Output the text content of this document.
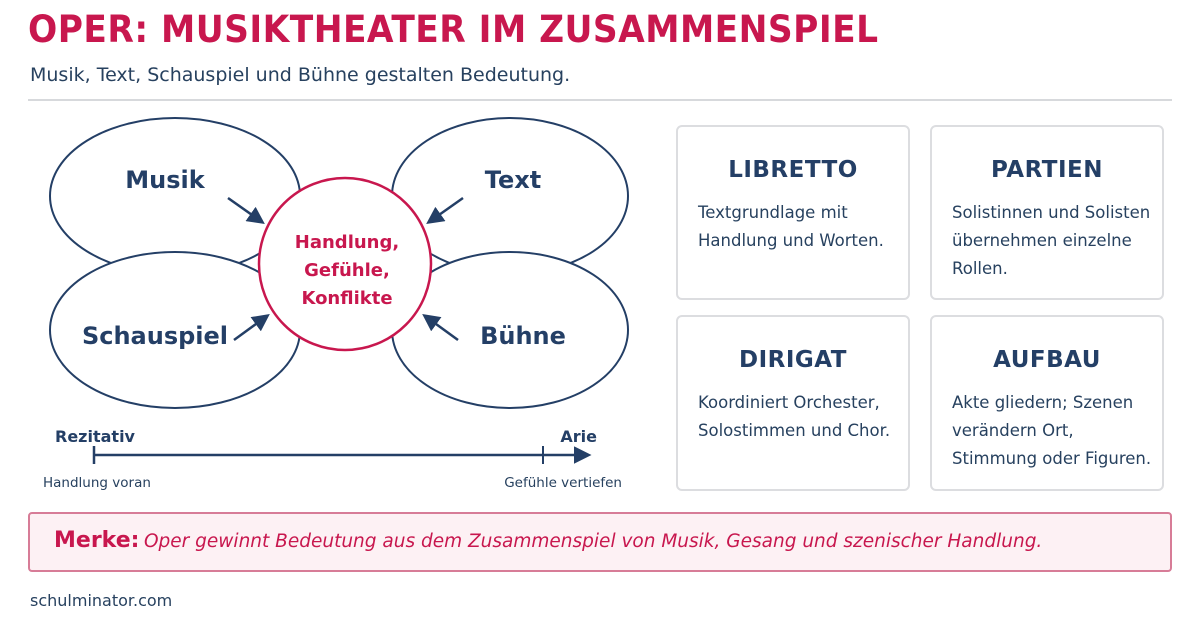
OPER: MUSIKTHEATER IM ZUSAMMENSPIEL
Musik, Text, Schauspiel und Bühne gestalten Bedeutung.
Musik	Text
Schauspiel	Bühne
Handlung,
Gefühle,
Konflikte
Rezitativ	Arie
Handlung voran	Gefühle vertiefen
LIBRETTO

Textgrundlage mit Handlung und Worten.

PARTIEN

Solistinnen und Solisten übernehmen einzelne Rollen.

DIRIGAT

Koordiniert Orchester, Solostimmen und Chor.

AUFBAU

Akte gliedern; Szenen verändern Ort, Stimmung oder Figuren.

Merke: Oper gewinnt Bedeutung aus dem Zusammenspiel von Musik, Gesang und szenischer Handlung.
schulminator.com
